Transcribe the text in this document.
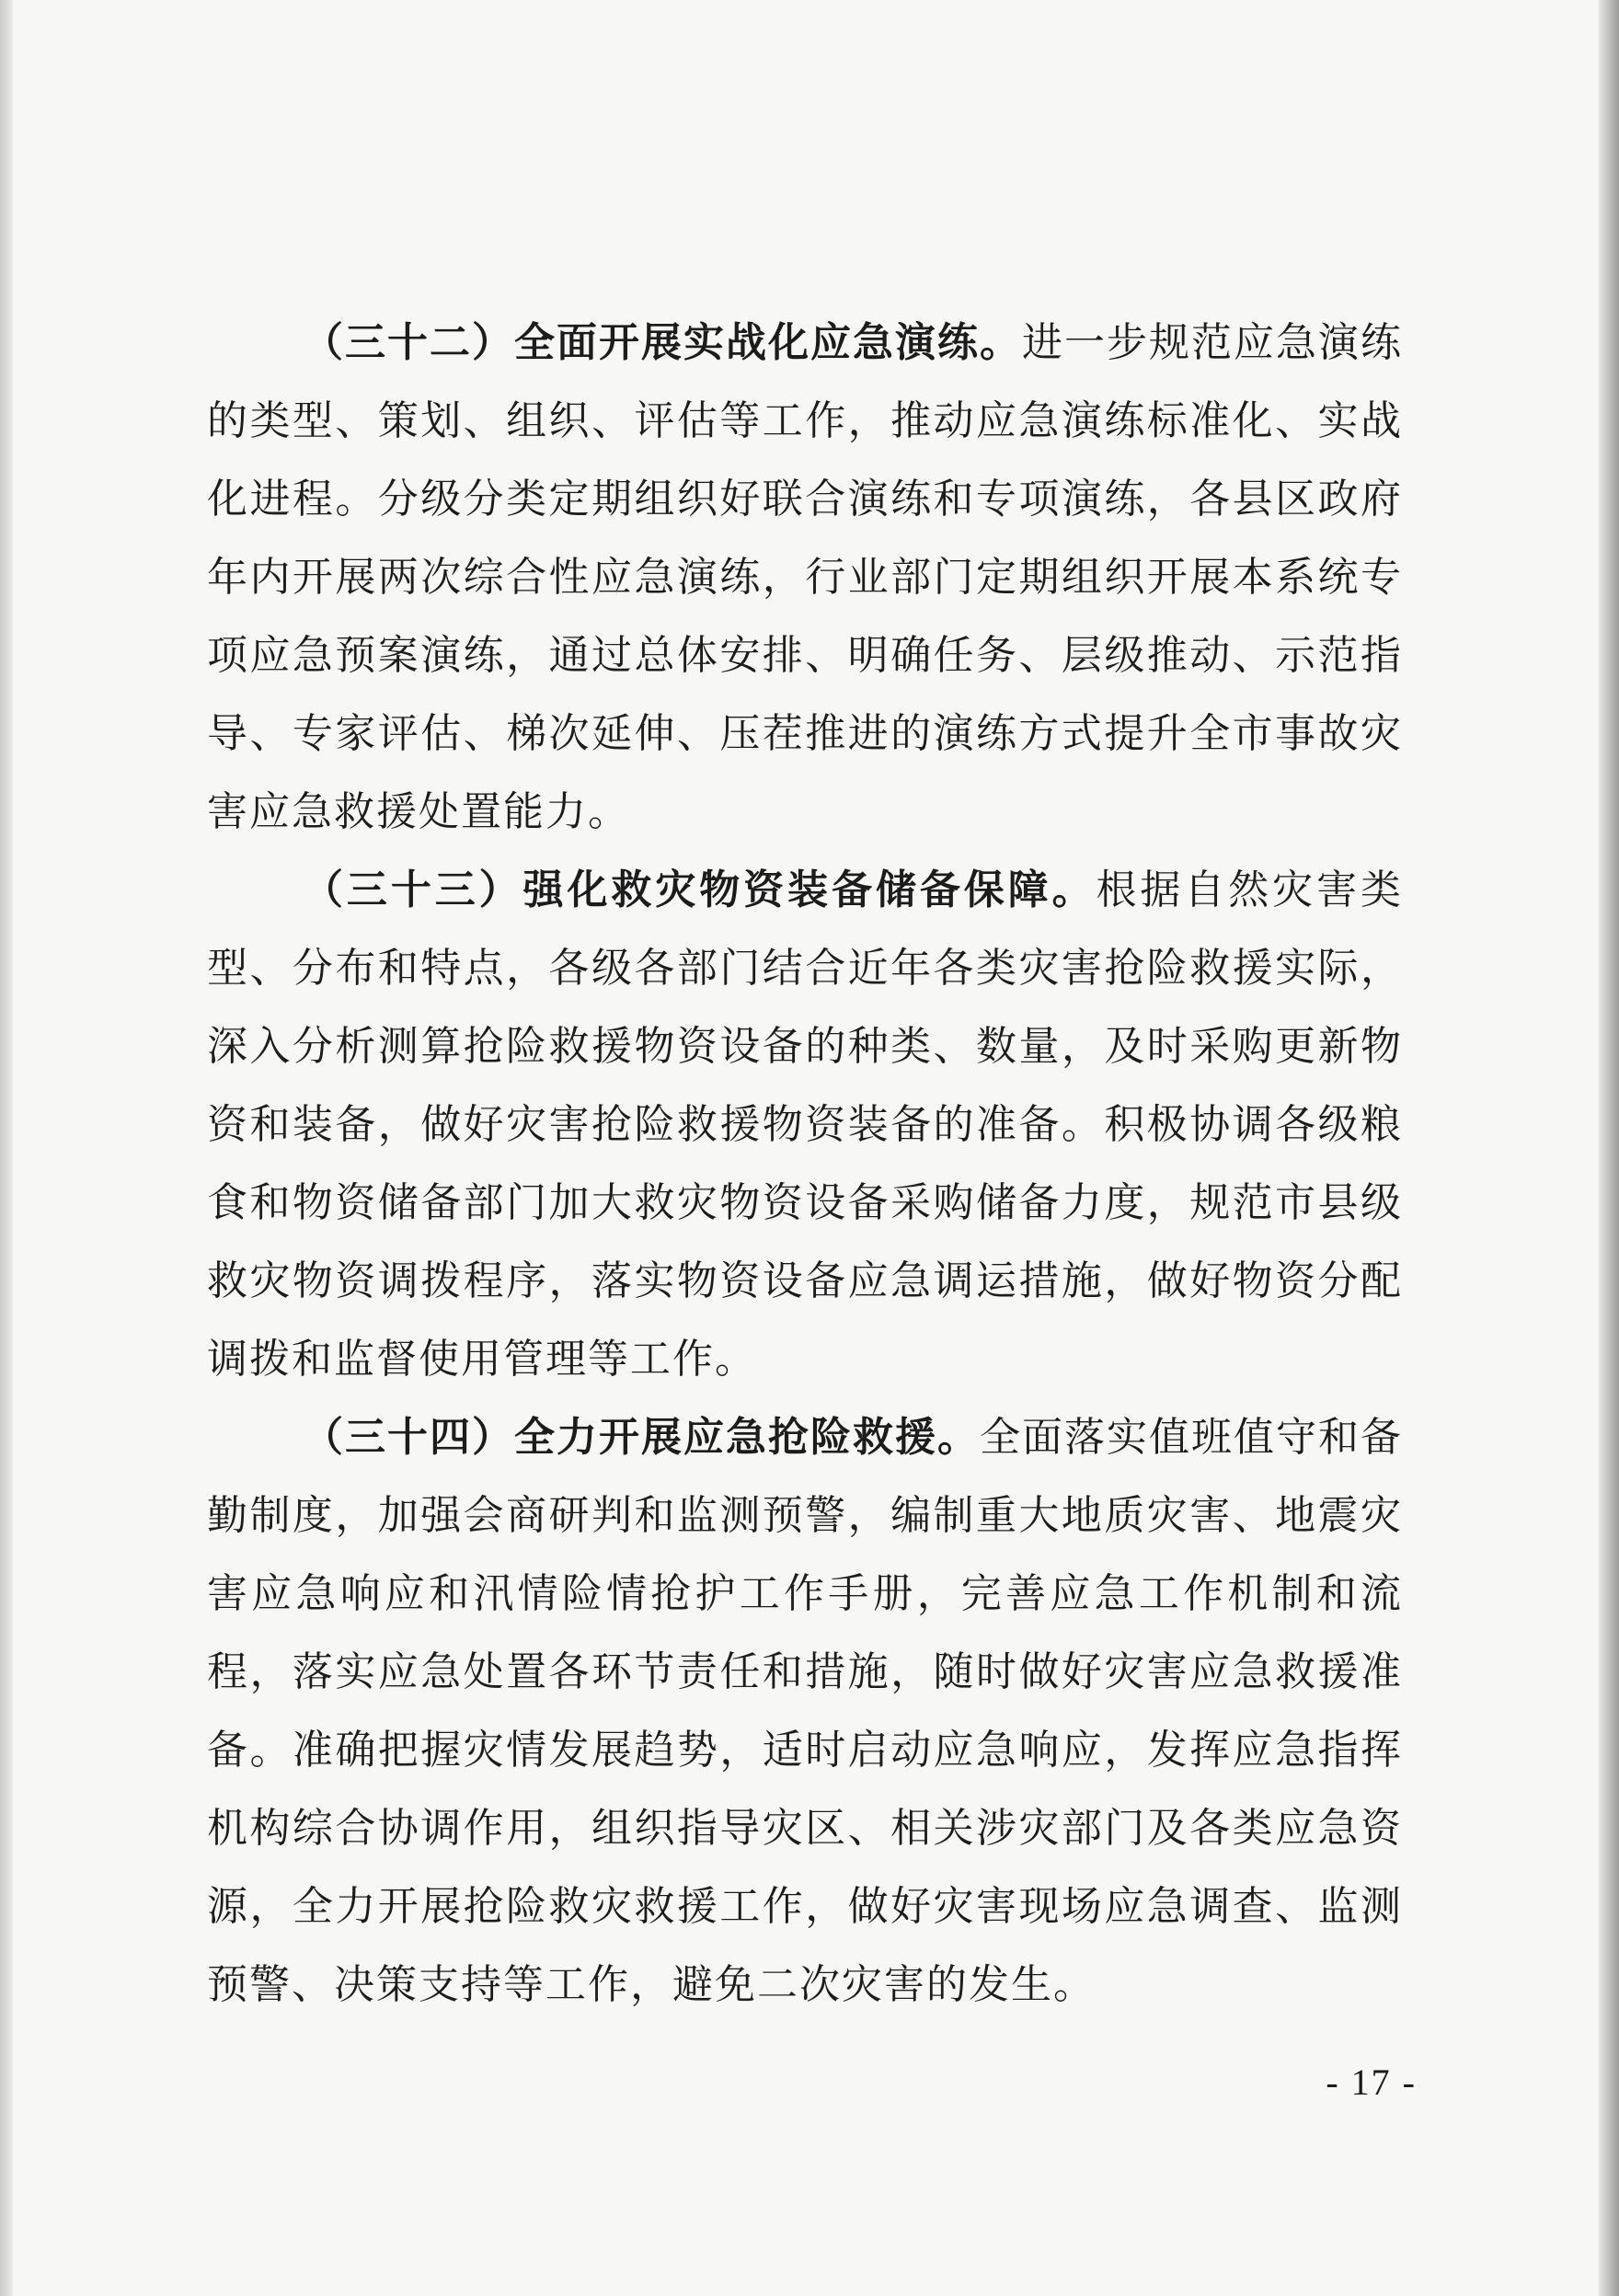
（三十二）全面开展实战化应急演练。进一步规范应急演练的类型、策划、组织、评估等工作，推动应急演练标准化、实战化进程。分级分类定期组织好联合演练和专项演练，各县区政府年内开展两次综合性应急演练，行业部门定期组织开展本系统专项应急预案演练，通过总体安排、明确任务、层级推动、示范指导、专家评估、梯次延伸、压茬推进的演练方式提升全市事故灾害应急救援处置能力。

（三十三）强化救灾物资装备储备保障。根据自然灾害类型、分布和特点，各级各部门结合近年各类灾害抢险救援实际，深入分析测算抢险救援物资设备的种类、数量，及时采购更新物资和装备，做好灾害抢险救援物资装备的准备。积极协调各级粮食和物资储备部门加大救灾物资设备采购储备力度，规范市县级救灾物资调拨程序，落实物资设备应急调运措施，做好物资分配调拨和监督使用管理等工作。

（三十四）全力开展应急抢险救援。全面落实值班值守和备勤制度，加强会商研判和监测预警，编制重大地质灾害、地震灾害应急响应和汛情险情抢护工作手册，完善应急工作机制和流程，落实应急处置各环节责任和措施，随时做好灾害应急救援准备。准确把握灾情发展趋势，适时启动应急响应，发挥应急指挥机构综合协调作用，组织指导灾区、相关涉灾部门及各类应急资源，全力开展抢险救灾救援工作，做好灾害现场应急调查、监测预警、决策支持等工作，避免二次灾害的发生。

- 17 -
